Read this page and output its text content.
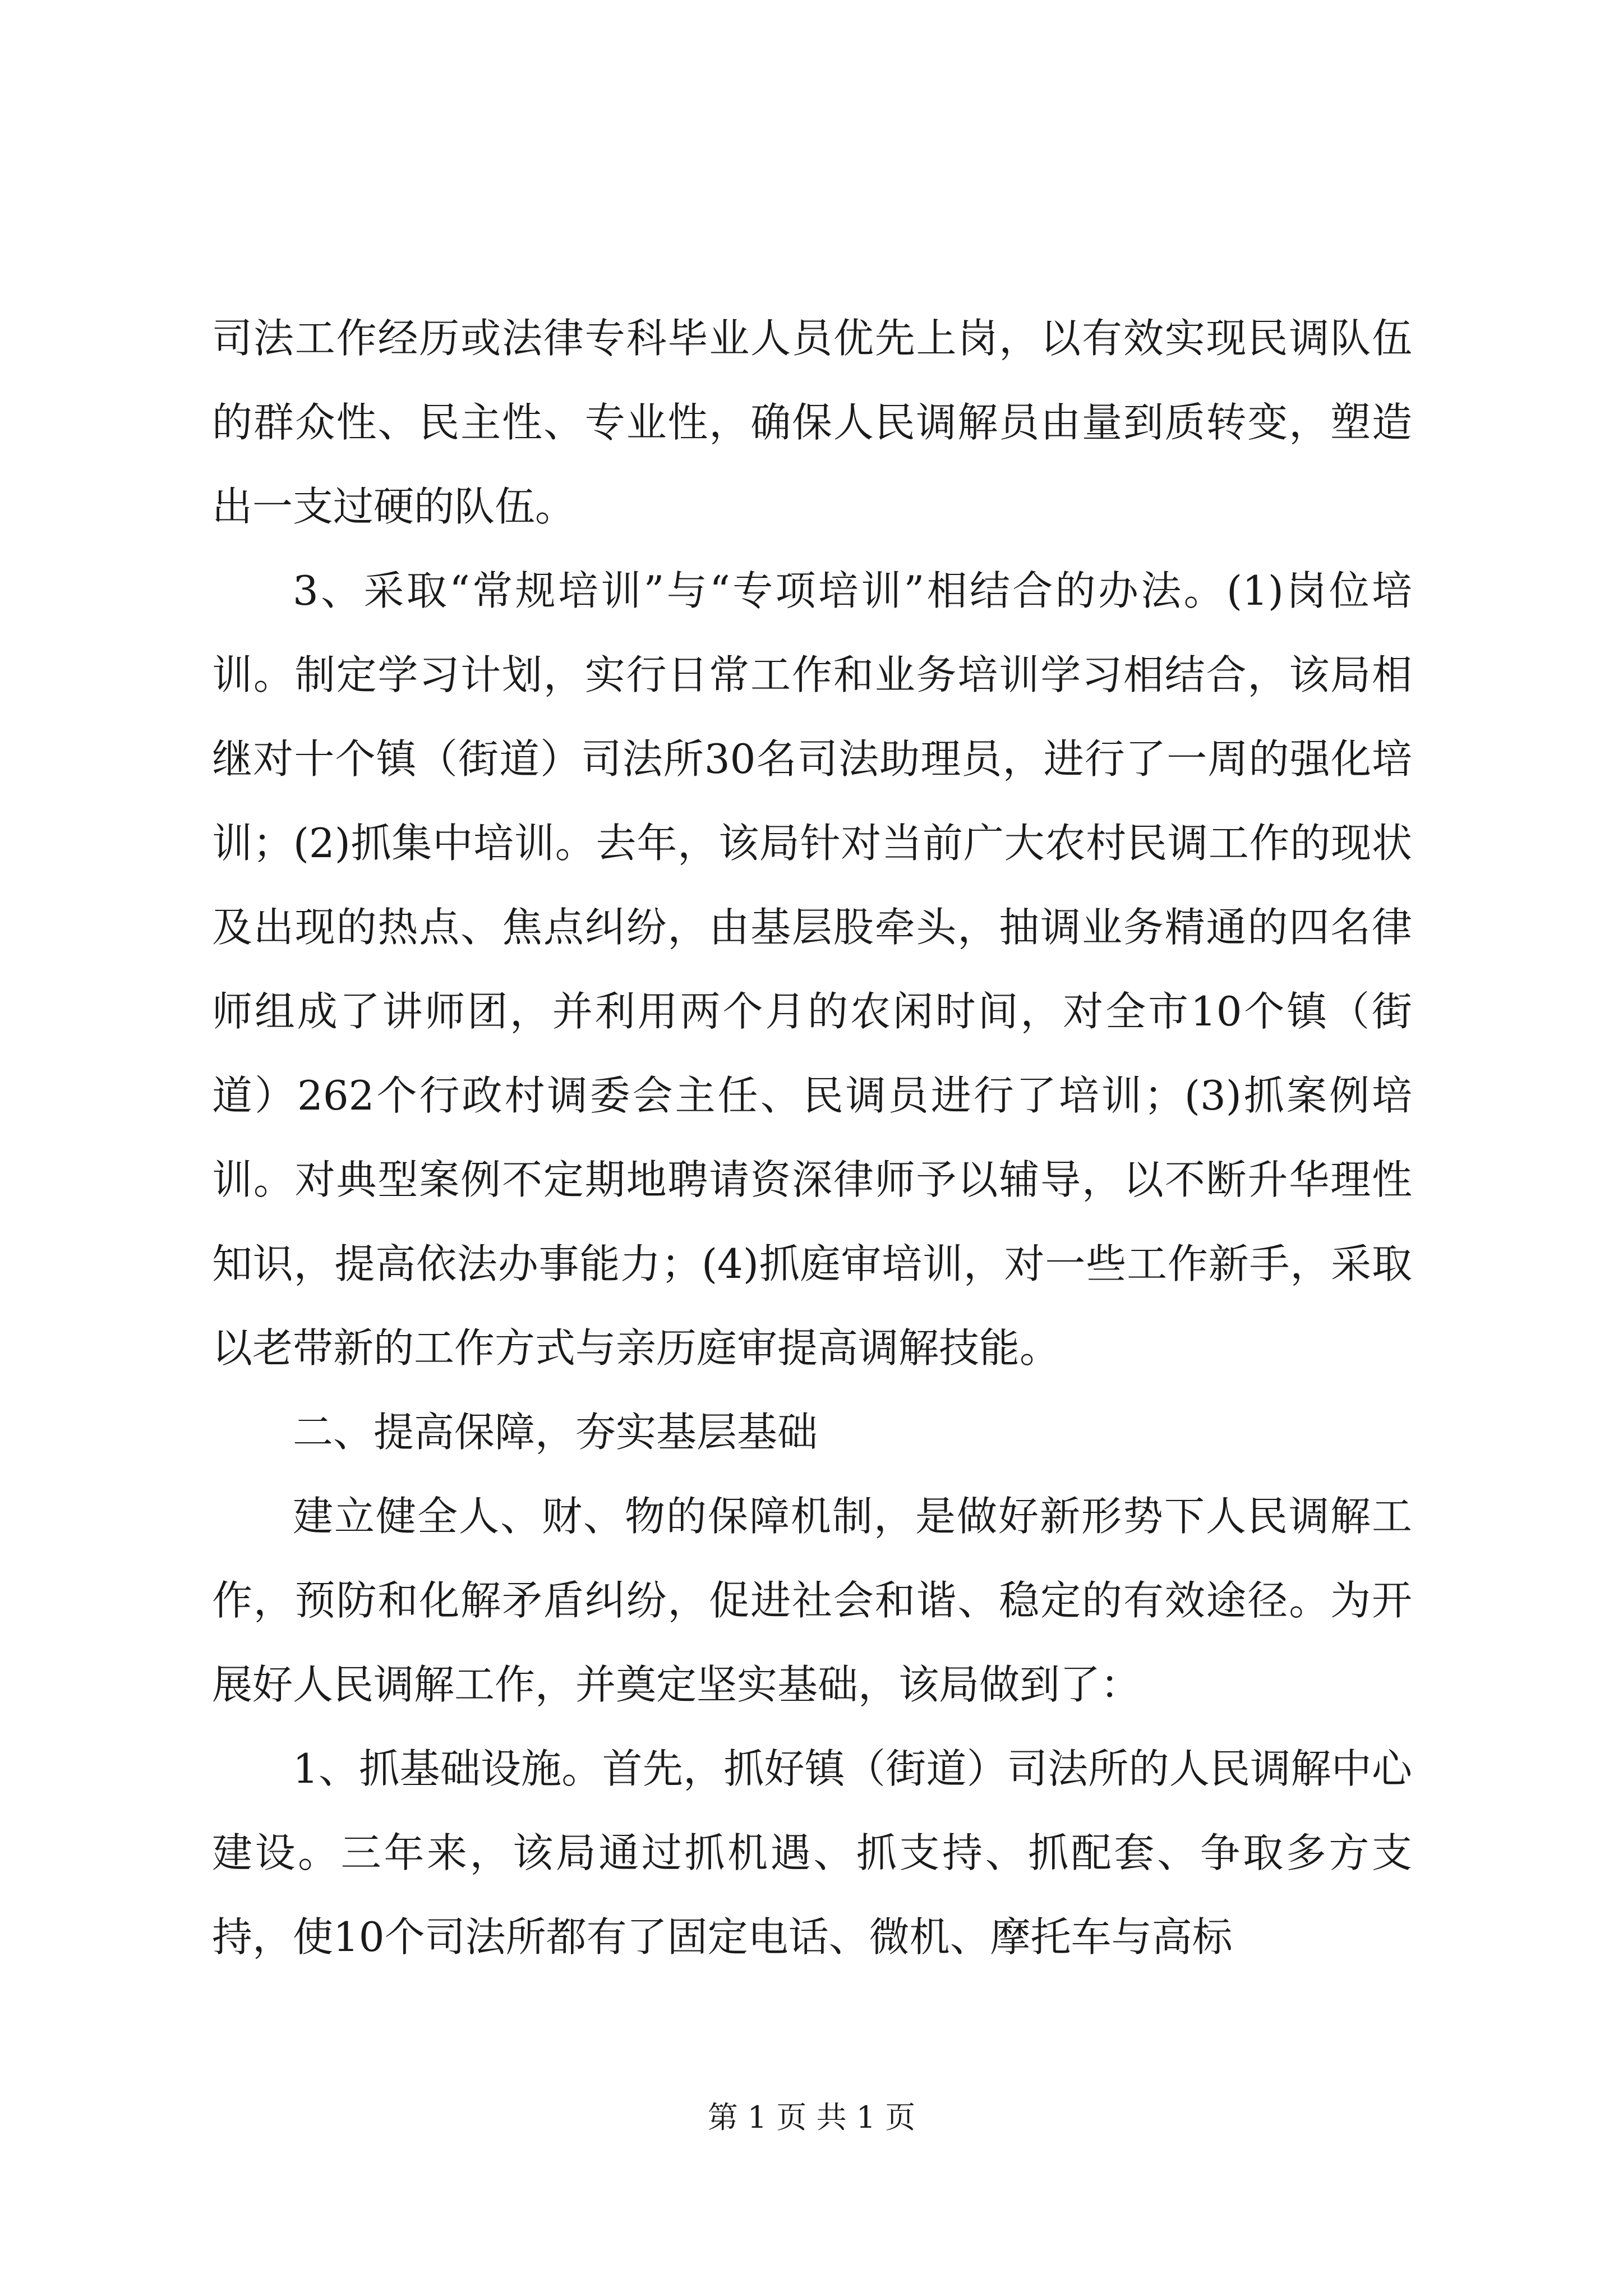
司法工作经历或法律专科毕业人员优先上岗，以有效实现民调队伍的群众性、民主性、专业性，确保人民调解员由量到质转变，塑造出一支过硬的队伍。

3、采取“常规培训”与“专项培训”相结合的办法。(1)岗位培训。制定学习计划，实行日常工作和业务培训学习相结合，该局相继对十个镇（街道）司法所30名司法助理员，进行了一周的强化培训；(2)抓集中培训。去年，该局针对当前广大农村民调工作的现状及出现的热点、焦点纠纷，由基层股牵头，抽调业务精通的四名律师组成了讲师团，并利用两个月的农闲时间，对全市10个镇（街道）262个行政村调委会主任、民调员进行了培训；(3)抓案例培训。对典型案例不定期地聘请资深律师予以辅导，以不断升华理性知识，提高依法办事能力；(4)抓庭审培训，对一些工作新手，采取以老带新的工作方式与亲历庭审提高调解技能。

二、提高保障，夯实基层基础

建立健全人、财、物的保障机制，是做好新形势下人民调解工作，预防和化解矛盾纠纷，促进社会和谐、稳定的有效途径。为开展好人民调解工作，并奠定坚实基础，该局做到了：

1、抓基础设施。首先，抓好镇（街道）司法所的人民调解中心建设。三年来，该局通过抓机遇、抓支持、抓配套、争取多方支持，使10个司法所都有了固定电话、微机、摩托车与高标

第 1 页 共 1 页
